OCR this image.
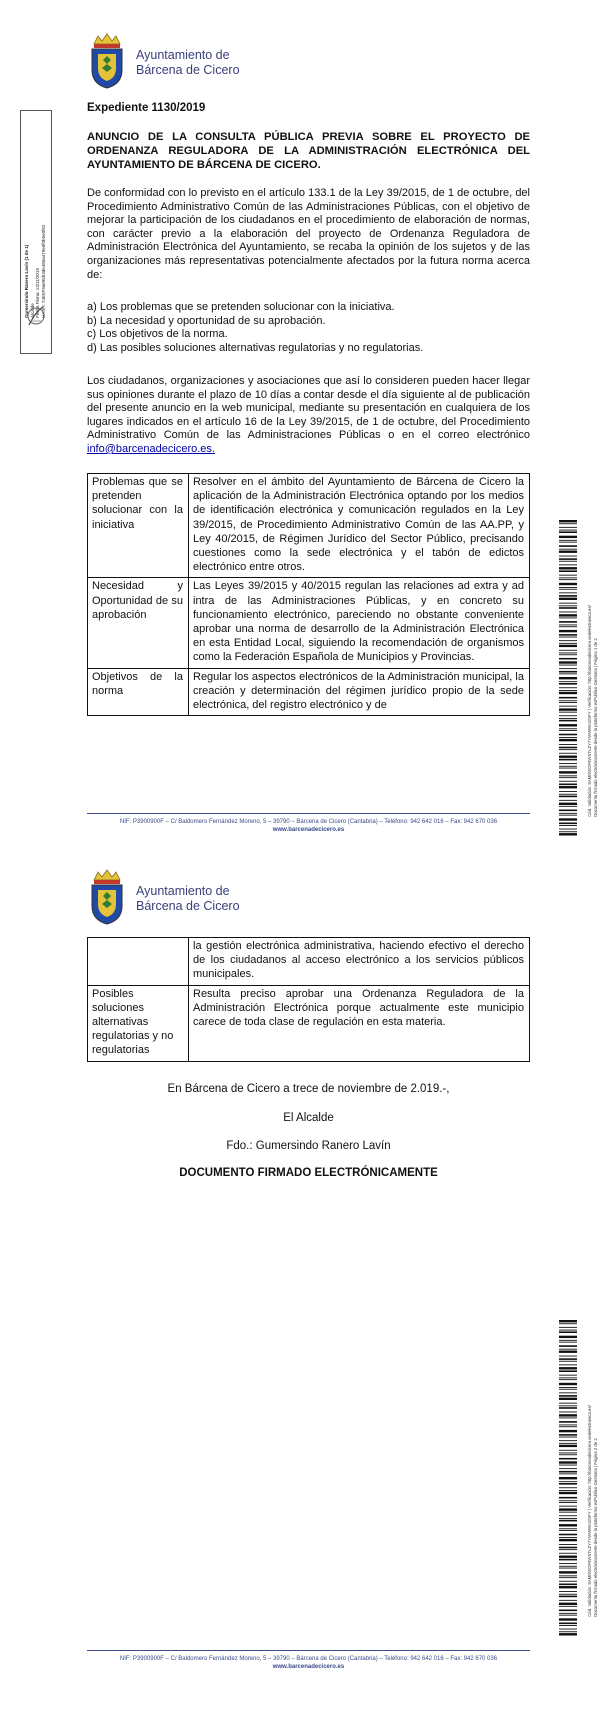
Ayuntamiento de
Bárcena de Cicero
Gumersindo Ranero Lavín (1 de 1) Alcalde Fecha Firma: 13/11/2019 HASH: 74E5F9a695b3de480a479e6f0b5e0f62
Expediente 1130/2019
ANUNCIO DE LA CONSULTA PÚBLICA PREVIA SOBRE EL PROYECTO DE ORDENANZA REGULADORA DE LA ADMINISTRACIÓN ELECTRÓNICA DEL AYUNTAMIENTO DE BÁRCENA DE CICERO.
De conformidad con lo previsto en el artículo 133.1 de la Ley 39/2015, de 1 de octubre, del Procedimiento Administrativo Común de las Administraciones Públicas, con el objetivo de mejorar la participación de los ciudadanos en el procedimiento de elaboración de normas, con carácter previo a la elaboración del proyecto de Ordenanza Reguladora de Administración Electrónica del Ayuntamiento, se recaba la opinión de los sujetos y de las organizaciones más representativas potencialmente afectados por la futura norma acerca de:
a) Los problemas que se pretenden solucionar con la iniciativa.
b) La necesidad y oportunidad de su aprobación.
c) Los objetivos de la norma.
d) Las posibles soluciones alternativas regulatorias y no regulatorias.
Los ciudadanos, organizaciones y asociaciones que así lo consideren pueden hacer llegar sus opiniones durante el plazo de 10 días a contar desde el día siguiente al de publicación del presente anuncio en la web municipal, mediante su presentación en cualquiera de los lugares indicados en el artículo 16 de la Ley 39/2015, de 1 de octubre, del Procedimiento Administrativo Común de las Administraciones Públicas o en el correo electrónico info@barcenadecicero.es.
Problemas que se pretenden solucionar con la iniciativa	Resolver en el ámbito del Ayuntamiento de Bárcena de Cicero la aplicación de la Administración Electrónica optando por los medios de identificación electrónica y comunicación regulados en la Ley 39/2015, de Procedimiento Administrativo Común de las AA.PP, y Ley 40/2015, de Régimen Jurídico del Sector Público, precisando cuestiones como la sede electrónica y el tabón de edictos electrónico entre otros.
Necesidad y Oportunidad de su aprobación	Las Leyes 39/2015 y 40/2015 regulan las relaciones ad extra y ad intra de las Administraciones Públicas, y en concreto su funcionamiento electrónico, pareciendo no obstante conveniente aprobar una norma de desarrollo de la Administración Electrónica en esta Entidad Local, siguiendo la recomendación de organismos como la Federación Española de Municipios y Provincias.
Objetivos de la norma	Regular los aspectos electrónicos de la Administración municipal, la creación y determinación del régimen jurídico propio de la sede electrónica, del registro electrónico y de
NIF: P3900900F – C/ Baldomero Fernández Moreno, 5 – 39790 – Bárcena de Cicero (Cantabria) – Teléfono: 942 642 016 – Fax: 942 670 036
www.barcenadecicero.es
Cód. Validación: 9AMDWDF9WSTLZY7YWWMAGSPY | Verificación: http://barcenadecicero.sedelectronica.es/ Documento firmado electrónicamente desde la plataforma esPublico Gestiona | Página 1 de 2
Ayuntamiento de
Bárcena de Cicero
	la gestión electrónica administrativa, haciendo efectivo el derecho de los ciudadanos al acceso electrónico a los servicios públicos municipales.
Posibles soluciones alternativas regulatorias y no regulatorias	Resulta preciso aprobar una Ordenanza Reguladora de la Administración Electrónica porque actualmente este municipio carece de toda clase de regulación en esta materia.
En Bárcena de Cicero a trece de noviembre de 2.019.-,
El Alcalde
Fdo.: Gumersindo Ranero Lavín
DOCUMENTO FIRMADO ELECTRÓNICAMENTE
NIF: P3900900F – C/ Baldomero Fernández Moreno, 5 – 39790 – Bárcena de Cicero (Cantabria) – Teléfono: 942 642 016 – Fax: 942 670 036
www.barcenadecicero.es
Cód. Validación: 9AMDWDF9WSTLZY7YWWMAGSPY | Verificación: http://barcenadecicero.sedelectronica.es/ Documento firmado electrónicamente desde la plataforma esPublico Gestiona | Página 2 de 2
